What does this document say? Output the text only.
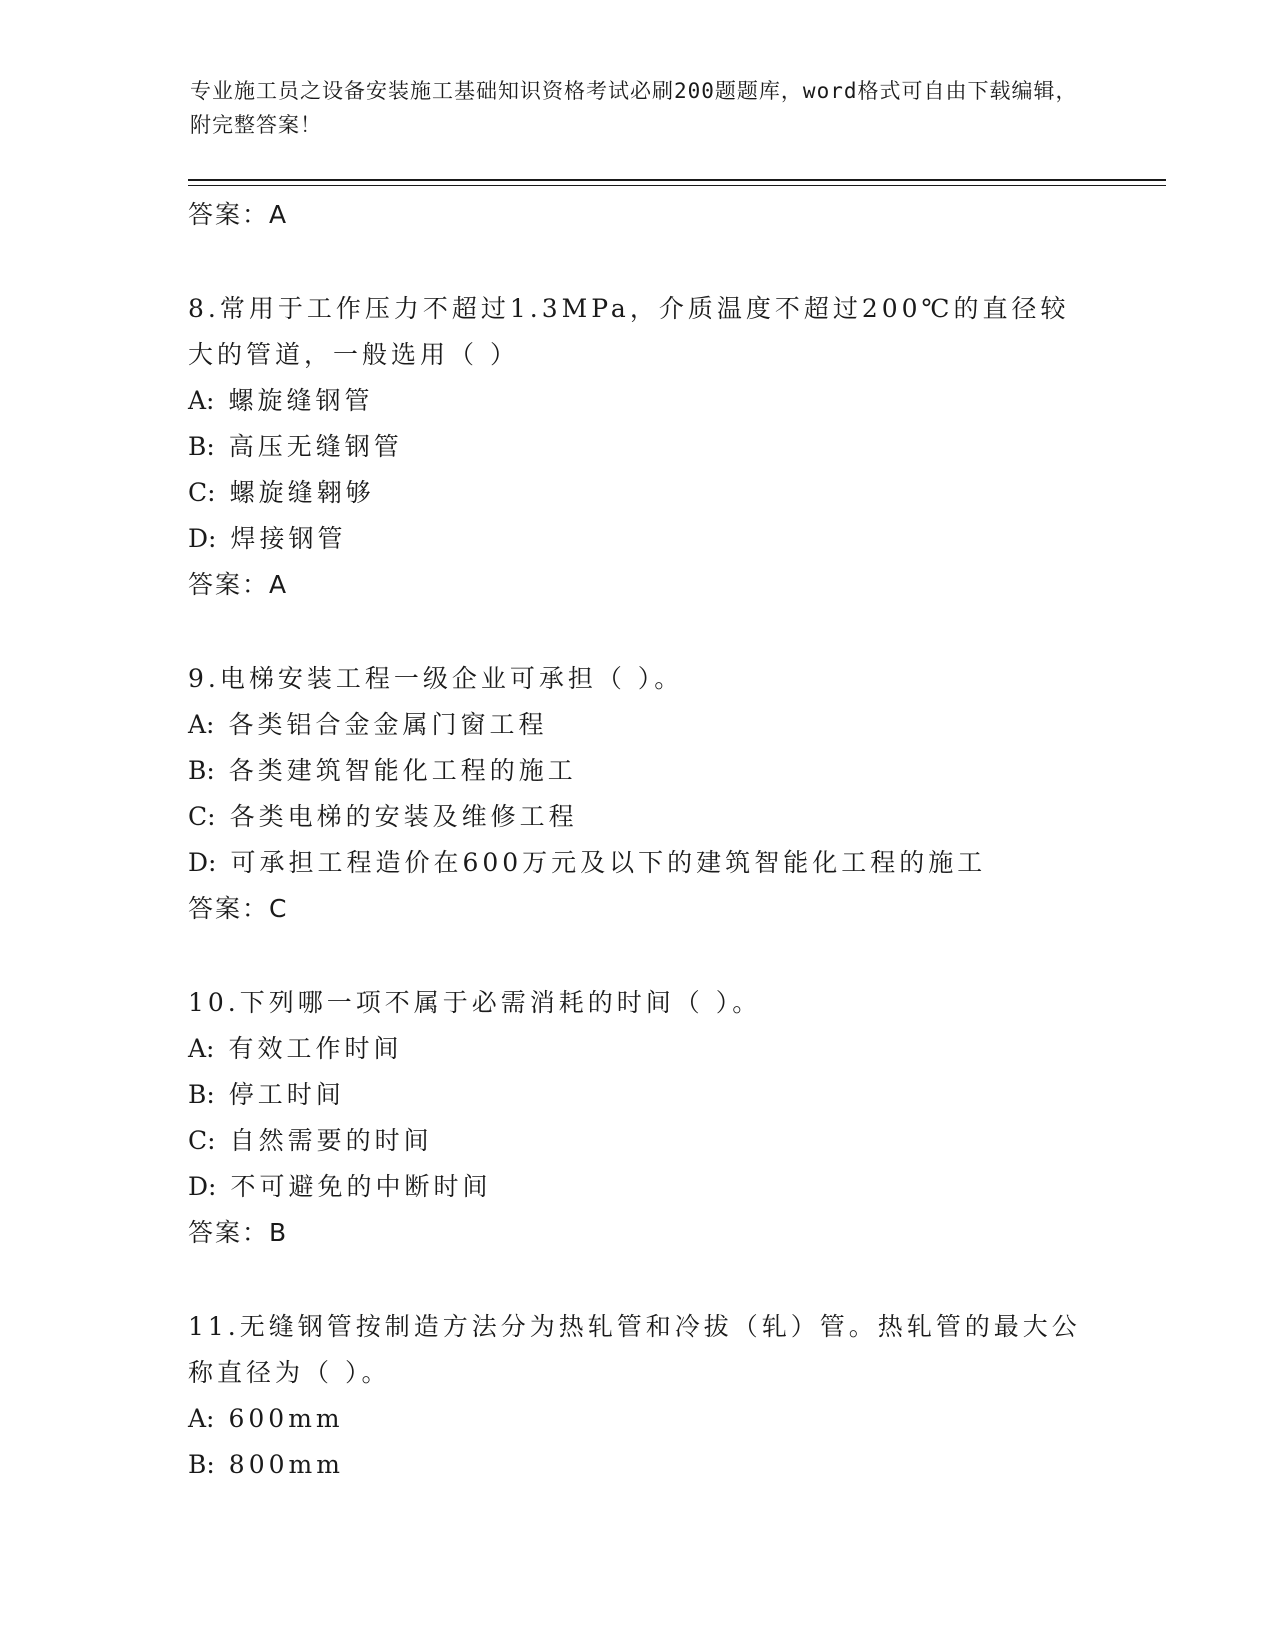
专业施工员之设备安装施工基础知识资格考试必刷200题题库，word格式可自由下载编辑，附完整答案！
答案：A
8.常用于工作压力不超过1.3MPa，介质温度不超过200℃的直径较大的管道，一般选用（ ）
A: 螺旋缝钢管
B: 高压无缝钢管
C: 螺旋缝翱够
D: 焊接钢管
答案：A
9.电梯安装工程一级企业可承担（ ）。
A: 各类铝合金金属门窗工程
B: 各类建筑智能化工程的施工
C: 各类电梯的安装及维修工程
D: 可承担工程造价在600万元及以下的建筑智能化工程的施工
答案：C
10.下列哪一项不属于必需消耗的时间（ ）。
A: 有效工作时间
B: 停工时间
C: 自然需要的时间
D: 不可避免的中断时间
答案：B
11.无缝钢管按制造方法分为热轧管和冷拔（轧）管。热轧管的最大公称直径为（ ）。
A: 600mm
B: 800mm
